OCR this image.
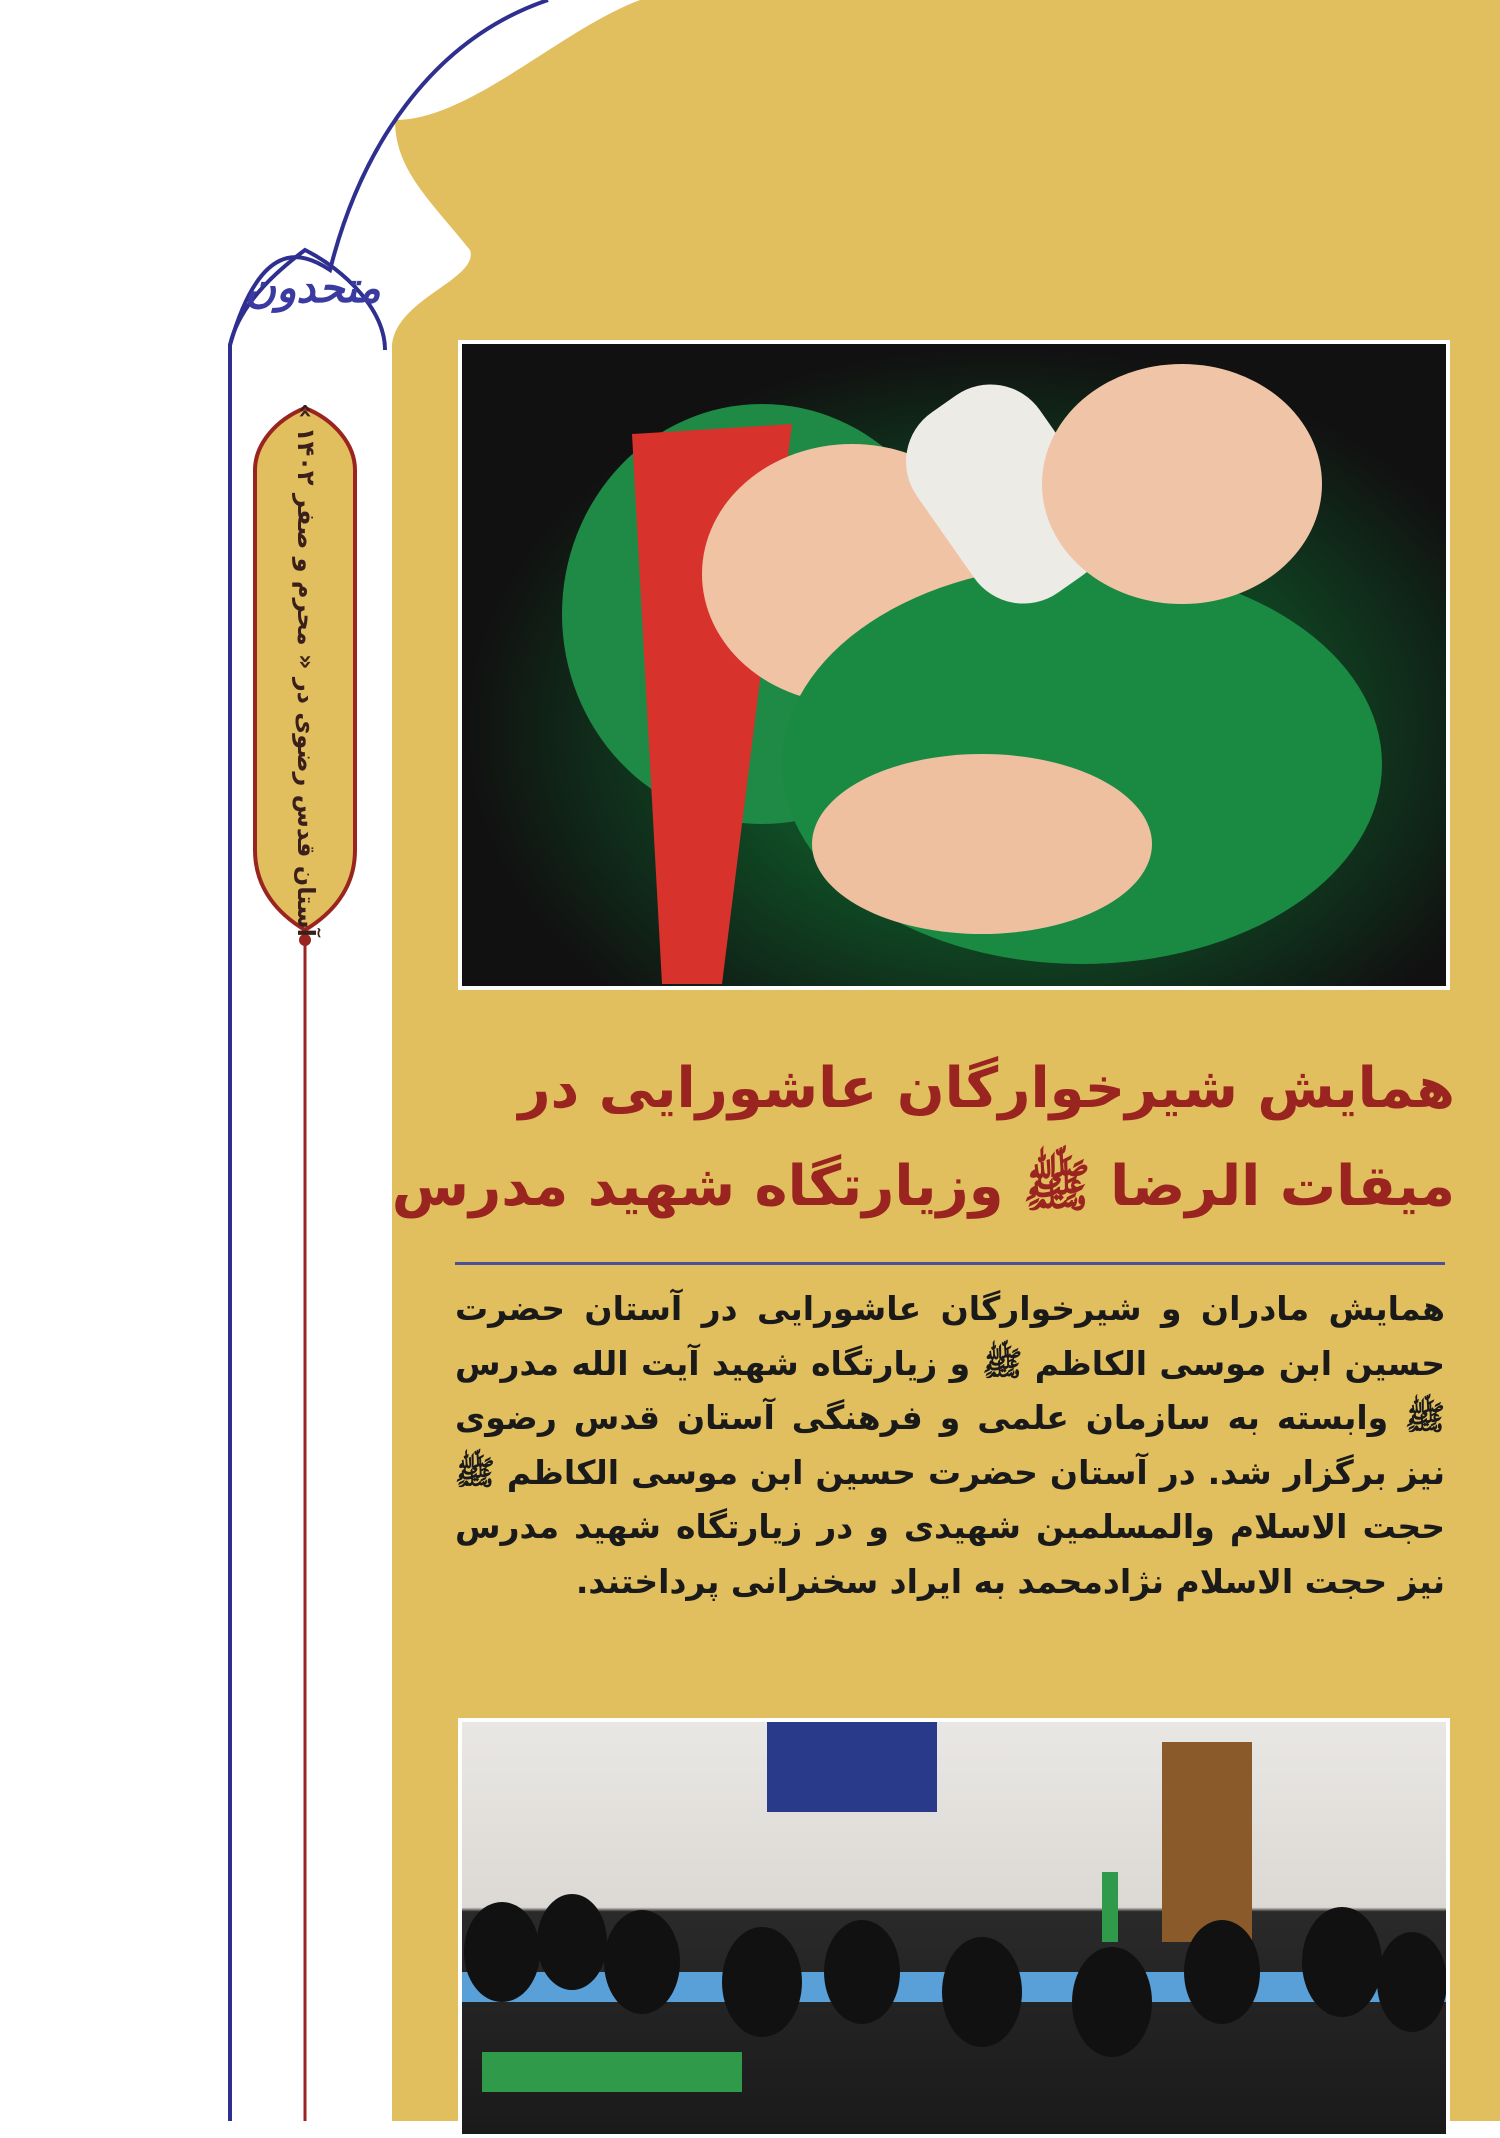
متحدون
آستان قدس رضوی در « محرم و صفر ۱۴۰۲ »
همایش شیرخوارگان عاشورایی در
میقات الرضا ﷺ وزیارتگاه شهید مدرس
همایش مادران و شیرخوارگان عاشورایی در آستان حضرت حسین ابن موسی الکاظم ﷺ و زیارتگاه شهید آیت الله مدرس ﷺ وابسته به سازمان علمی و فرهنگی آستان قدس رضوی نیز برگزار شد. در آستان حضرت حسین ابن موسی الکاظم ﷺ حجت الاسلام والمسلمین شهیدی و در زیارتگاه شهید مدرس نیز حجت الاسلام نژادمحمد به ایراد سخنرانی پرداختند.
